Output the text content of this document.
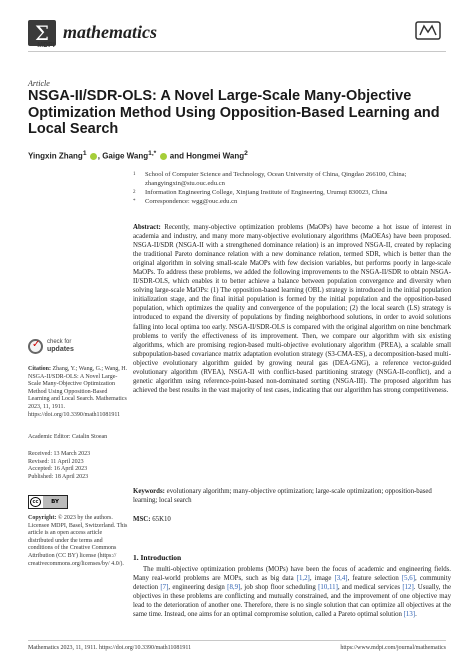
Σ mathematics
MDPI
Article
NSGA-II/SDR-OLS: A Novel Large-Scale Many-Objective Optimization Method Using Opposition-Based Learning and Local Search
Yingxin Zhang$^1$ , Gaige Wang$^{1,*}$ and Hongmei Wang$^2$
1 School of Computer Science and Technology, Ocean University of China, Qingdao 266100, China; zhangyingxin@stu.ouc.edu.cn
2 Information Engineering College, Xinjiang Institute of Engineering, Urumqi 830023, China
* Correspondence: wgg@ouc.edu.cn
Abstract: Recently, many-objective optimization problems (MaOPs) have become a hot issue of interest in academia and industry, and many more many-objective evolutionary algorithms (MaOEAs) have been proposed. NSGA-II/SDR (NSGA-II with a strengthened dominance relation) is an improved NSGA-II, created by replacing the traditional Pareto dominance relation with a new dominance relation, termed SDR, which is better than the original algorithm in solving small-scale MaOPs with few decision variables, but performs poorly in large-scale MaOPs. To address these problems, we added the following improvements to the NSGA-II/SDR to obtain NSGA-II/SDR-OLS, which enables it to better achieve a balance between population convergence and diversity when solving large-scale MaOPs: (1) The opposition-based learning (OBL) strategy is introduced in the initial population initialization stage, and the final initial population is formed by the initial population and the opposition-based population, which optimizes the quality and convergence of the population; (2) the local search (LS) strategy is introduced to expand the diversity of populations by finding neighborhood solutions, in order to avoid solutions falling into local optima too early. NSGA-II/SDR-OLS is compared with the original algorithm on nine benchmark problems to verify the effectiveness of its improvement. Then, we compare our algorithm with six existing algorithms, which are promising region-based multi-objective evolutionary algorithm (PREA), a scalable small subpopulation-based covariance matrix adaptation evolution strategy (S3-CMA-ES), a decomposition-based multi-objective evolutionary algorithm guided by growing neural gas (DEA-GNG), a reference vector-guided evolutionary algorithm (RVEA), NSGA-II with conflict-based partitioning strategy (NSGA-II-conflict), and a genetic algorithm using reference-point-based non-dominated sorting (NSGA-III). The proposed algorithm has achieved the best results in the vast majority of test cases, indicating that our algorithm has strong competitiveness.
Keywords: evolutionary algorithm; many-objective optimization; large-scale optimization; opposition-based learning; local search
MSC: 65K10
1. Introduction
The multi-objective optimization problems (MOPs) have been the focus of academic and engineering fields. Many real-world problems are MOPs, such as big data [1,2], image [3,4], feature selection [5,6], community detection [7], engineering design [8,9], job shop floor scheduling [10,11], and medical services [12]. Usually, the objectives in these problems are conflicting and mutually constrained, and the improvement of one objective may lead to the deterioration of another one. Therefore, there is no single solution that can optimize all objectives at the same time. Instead, one aims for an optimal compromise solution, called a Pareto optimal solution [13].
✓ check for
updates
Citation: Zhang, Y.; Wang, G.; Wang, H. NSGA-II/SDR-OLS: A Novel Large-Scale Many-Objective Optimization Method Using Opposition-Based Learning and Local Search. Mathematics 2023, 11, 1911. https://doi.org/10.3390/math11081911
Academic Editor: Catalin Stoean
Received: 13 March 2023
Revised: 11 April 2023
Accepted: 16 April 2023
Published: 18 April 2023
cc	BY
Copyright: © 2023 by the authors. Licensee MDPI, Basel, Switzerland. This article is an open access article distributed under the terms and conditions of the Creative Commons Attribution (CC BY) license (https:// creativecommons.org/licenses/by/ 4.0/).
Mathematics 2023, 11, 1911. https://doi.org/10.3390/math11081911	https://www.mdpi.com/journal/mathematics
